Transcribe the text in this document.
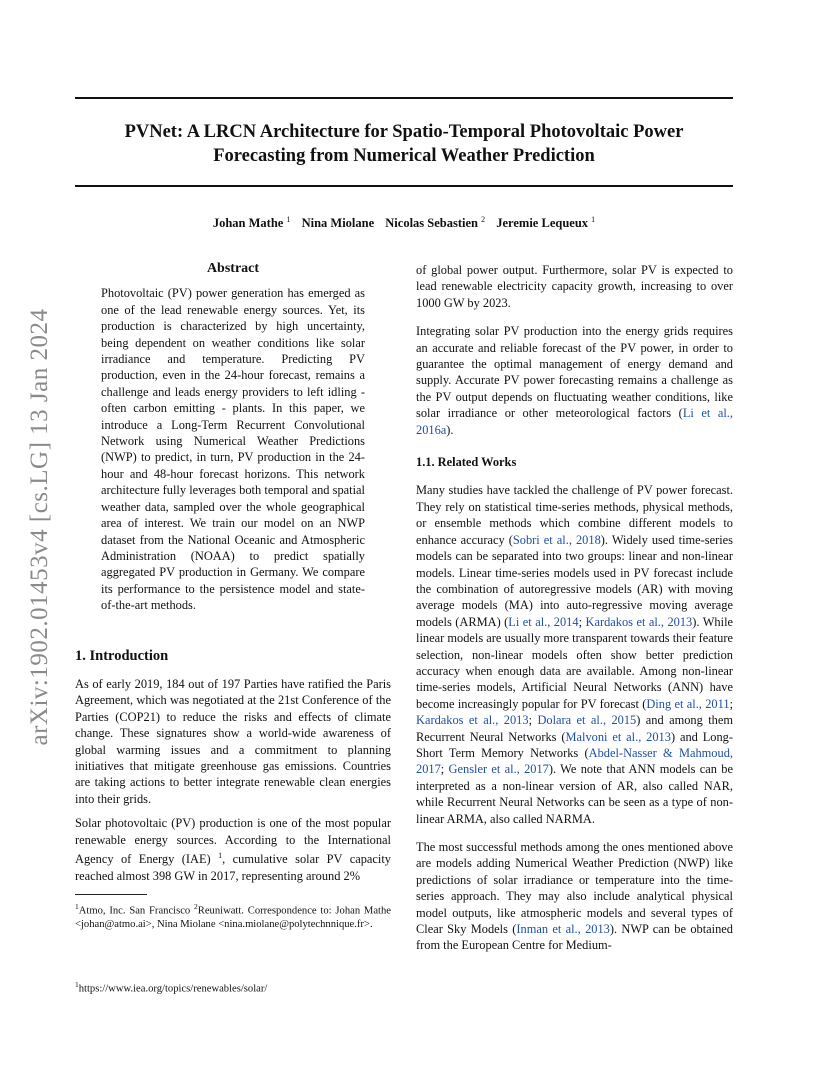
arXiv:1902.01453v4 [cs.LG] 13 Jan 2024
PVNet: A LRCN Architecture for Spatio-Temporal Photovoltaic Power
Forecasting from Numerical Weather Prediction
Johan Mathe $^1$ Nina Miolane Nicolas Sebastien $^2$ Jeremie Lequeux $^1$
Abstract

Photovoltaic (PV) power generation has emerged as one of the lead renewable energy sources. Yet, its production is characterized by high uncertainty, being dependent on weather conditions like solar irradiance and temperature. Predicting PV production, even in the 24-hour forecast, remains a challenge and leads energy providers to left idling - often carbon emitting - plants. In this paper, we introduce a Long-Term Recurrent Convolutional Network using Numerical Weather Predictions (NWP) to predict, in turn, PV production in the 24-hour and 48-hour forecast horizons. This network architecture fully leverages both temporal and spatial weather data, sampled over the whole geographical area of interest. We train our model on an NWP dataset from the National Oceanic and Atmospheric Administration (NOAA) to predict spatially aggregated PV production in Germany. We compare its performance to the persistence model and state-of-the-art methods.

1. Introduction

As of early 2019, 184 out of 197 Parties have ratified the Paris Agreement, which was negotiated at the 21st Conference of the Parties (COP21) to reduce the risks and effects of climate change. These signatures show a world-wide awareness of global warming issues and a commitment to planning initiatives that mitigate greenhouse gas emissions. Countries are taking actions to better integrate renewable clean energies into their grids.

Solar photovoltaic (PV) production is one of the most popular renewable energy sources. According to the International Agency of Energy (IAE) $^1$, cumulative solar PV capacity reached almost 398 GW in 2017, representing around 2%

$^1$Atmo, Inc. San Francisco $^2$Reuniwatt. Correspondence to: Johan Mathe <johan@atmo.ai>, Nina Miolane <nina.miolane@polytechnnique.fr>.
$^1$https://www.iea.org/topics/renewables/solar/

of global power output. Furthermore, solar PV is expected to lead renewable electricity capacity growth, increasing to over 1000 GW by 2023.

Integrating solar PV production into the energy grids requires an accurate and reliable forecast of the PV power, in order to guarantee the optimal management of energy demand and supply. Accurate PV power forecasting remains a challenge as the PV output depends on fluctuating weather conditions, like solar irradiance or other meteorological factors (Li et al., 2016a).

1.1. Related Works

Many studies have tackled the challenge of PV power forecast. They rely on statistical time-series methods, physical methods, or ensemble methods which combine different models to enhance accuracy (Sobri et al., 2018). Widely used time-series models can be separated into two groups: linear and non-linear models. Linear time-series models used in PV forecast include the combination of autoregressive models (AR) with moving average models (MA) into auto-regressive moving average models (ARMA) (Li et al., 2014; Kardakos et al., 2013). While linear models are usually more transparent towards their feature selection, non-linear models often show better prediction accuracy when enough data are available. Among non-linear time-series models, Artificial Neural Networks (ANN) have become increasingly popular for PV forecast (Ding et al., 2011; Kardakos et al., 2013; Dolara et al., 2015) and among them Recurrent Neural Networks (Malvoni et al., 2013) and Long-Short Term Memory Networks (Abdel-Nasser & Mahmoud, 2017; Gensler et al., 2017). We note that ANN models can be interpreted as a non-linear version of AR, also called NAR, while Recurrent Neural Networks can be seen as a type of non-linear ARMA, also called NARMA.

The most successful methods among the ones mentioned above are models adding Numerical Weather Prediction (NWP) like predictions of solar irradiance or temperature into the time-series approach. They may also include analytical physical model outputs, like atmospheric models and several types of Clear Sky Models (Inman et al., 2013). NWP can be obtained from the European Centre for Medium-
